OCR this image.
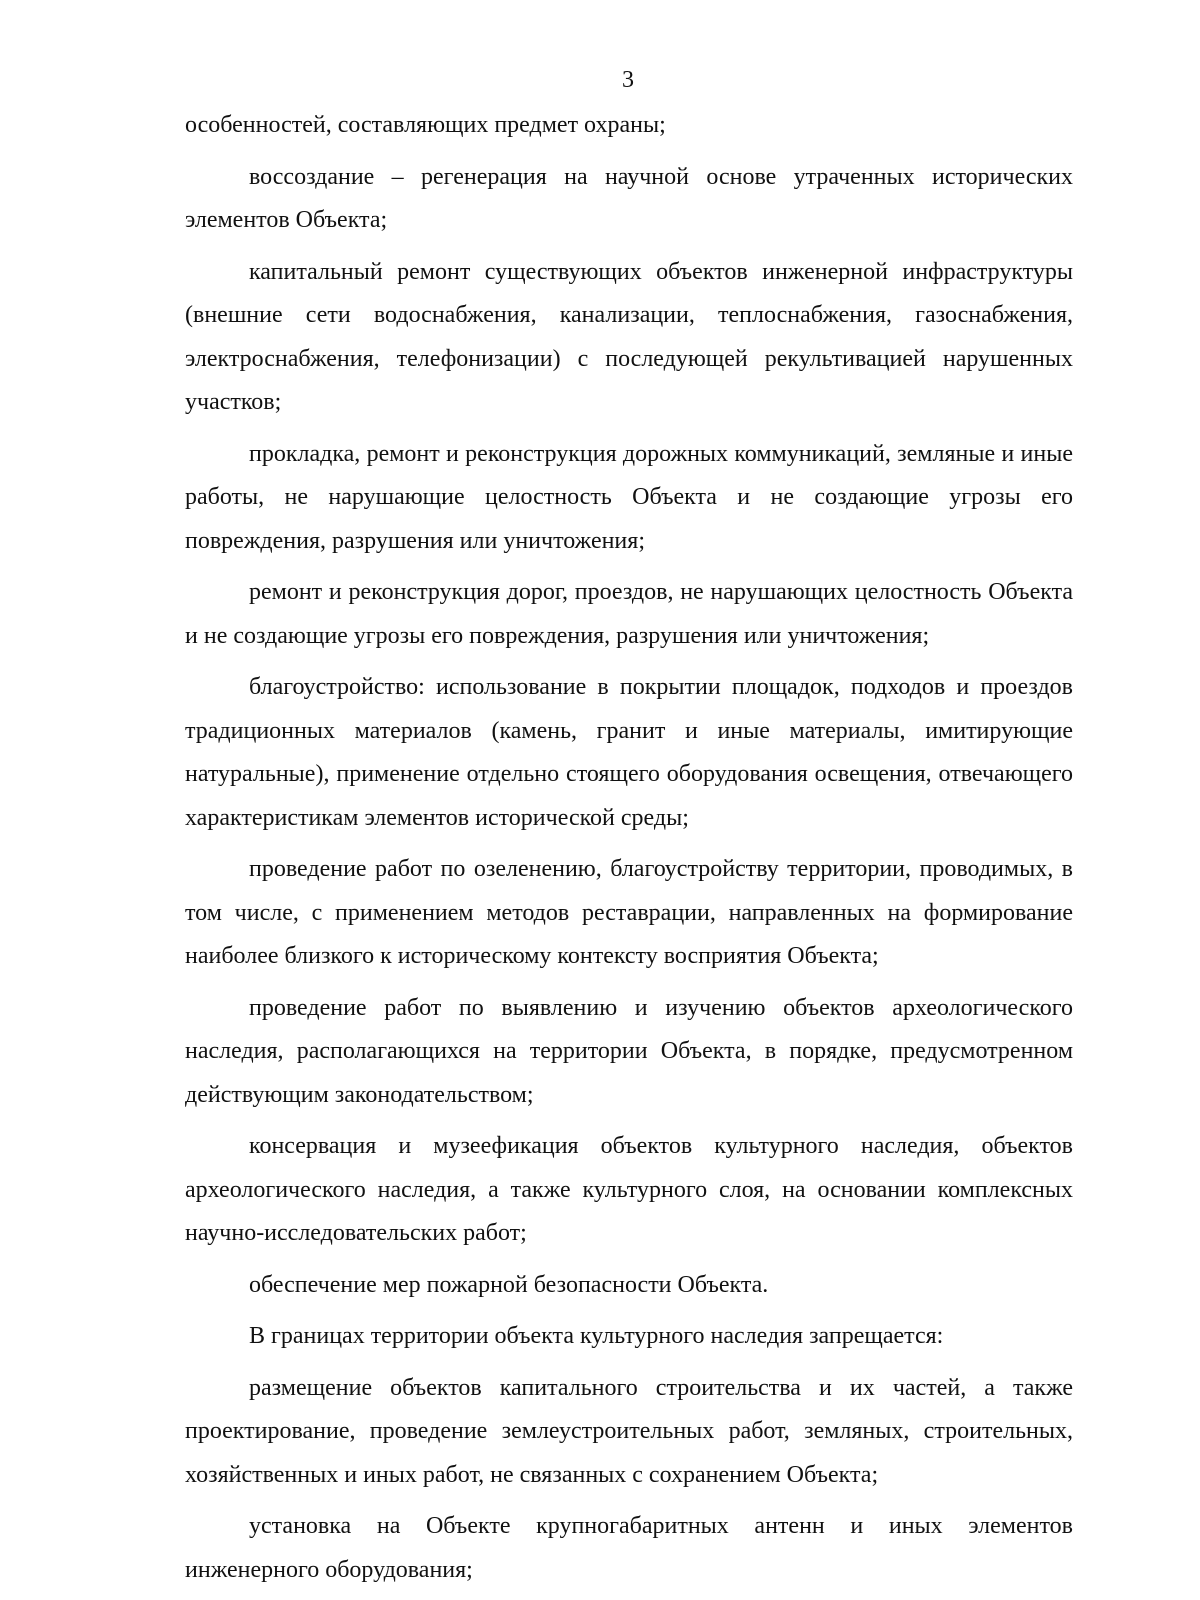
3

особенностей, составляющих предмет охраны;

воссоздание – регенерация на научной основе утраченных исторических элементов Объекта;

капитальный ремонт существующих объектов инженерной инфраструктуры (внешние сети водоснабжения, канализации, теплоснабжения, газоснабжения, электроснабжения, телефонизации) с последующей рекультивацией нарушенных участков;

прокладка, ремонт и реконструкция дорожных коммуникаций, земляные и иные работы, не нарушающие целостность Объекта и не создающие угрозы его повреждения, разрушения или уничтожения;

ремонт и реконструкция дорог, проездов, не нарушающих целостность Объекта и не создающие угрозы его повреждения, разрушения или уничтожения;

благоустройство: использование в покрытии площадок, подходов и проездов традиционных материалов (камень, гранит и иные материалы, имитирующие натуральные), применение отдельно стоящего оборудования освещения, отвечающего характеристикам элементов исторической среды;

проведение работ по озеленению, благоустройству территории, проводимых, в том числе, с применением методов реставрации, направленных на формирование наиболее близкого к историческому контексту восприятия Объекта;

проведение работ по выявлению и изучению объектов археологического наследия, располагающихся на территории Объекта, в порядке, предусмотренном действующим законодательством;

консервация и музеефикация объектов культурного наследия, объектов археологического наследия, а также культурного слоя, на основании комплексных научно-исследовательских работ;

обеспечение мер пожарной безопасности Объекта.

В границах территории объекта культурного наследия запрещается:

размещение объектов капитального строительства и их частей, а также проектирование, проведение землеустроительных работ, земляных, строительных, хозяйственных и иных работ, не связанных с сохранением Объекта;

установка на Объекте крупногабаритных антенн и иных элементов инженерного оборудования;
